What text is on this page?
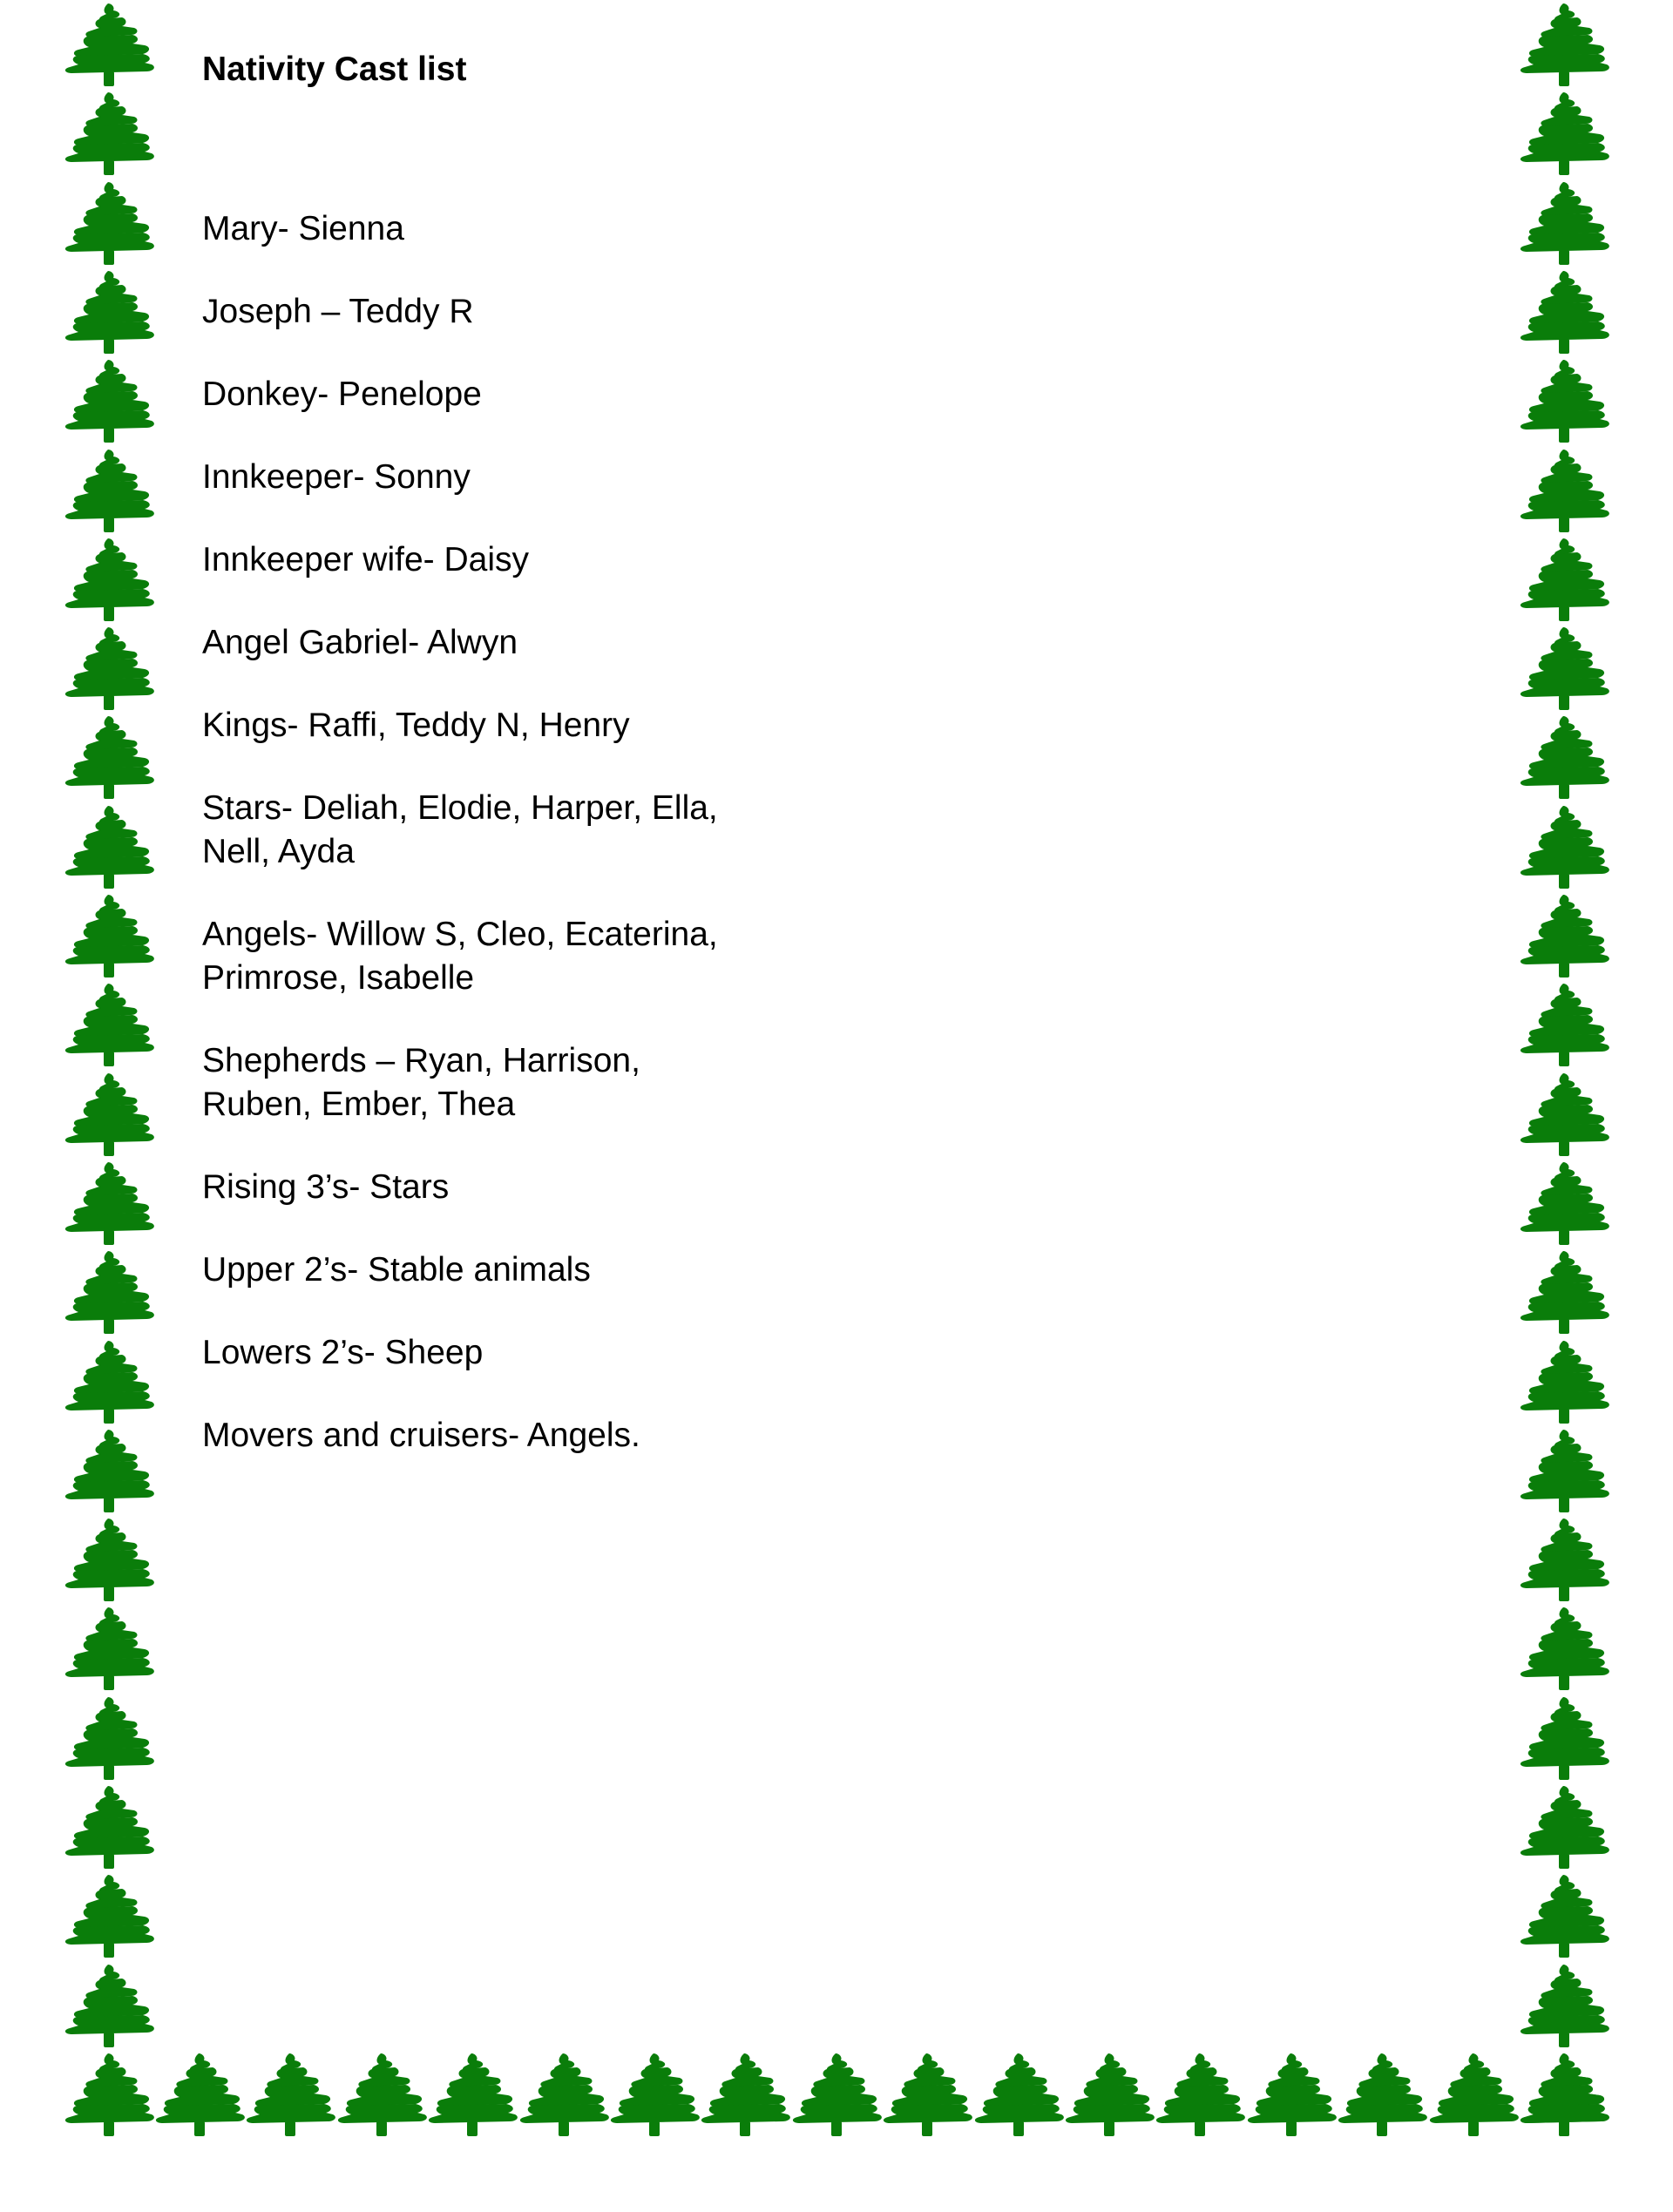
Nativity Cast list

Mary- Sienna

Joseph – Teddy R

Donkey- Penelope

Innkeeper- Sonny

Innkeeper wife- Daisy

Angel Gabriel- Alwyn

Kings- Raffi, Teddy N, Henry

Stars- Deliah, Elodie, Harper, Ella,
Nell, Ayda

Angels- Willow S, Cleo, Ecaterina,
Primrose, Isabelle

Shepherds – Ryan, Harrison,
Ruben, Ember, Thea

Rising 3’s- Stars

Upper 2’s- Stable animals

Lowers 2’s- Sheep

Movers and cruisers- Angels.
